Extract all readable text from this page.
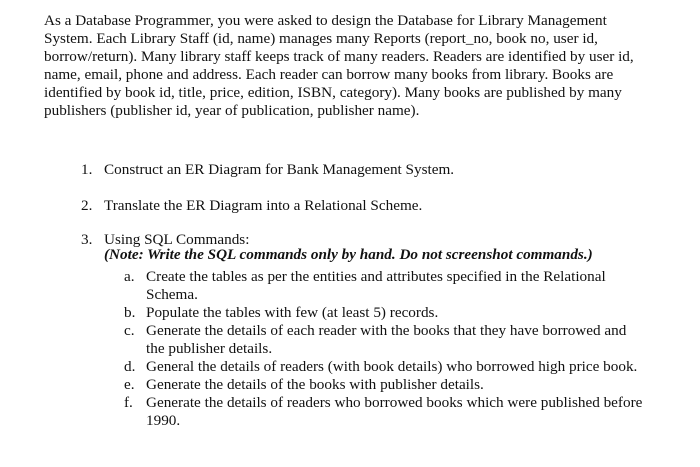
As a Database Programmer, you were asked to design the Database for Library Management
System. Each Library Staff (id, name) manages many Reports (report_no, book no, user id,
borrow/return). Many library staff keeps track of many readers. Readers are identified by user id,
name, email, phone and address. Each reader can borrow many books from library. Books are
identified by book id, title, price, edition, ISBN, category). Many books are published by many
publishers (publisher id, year of publication, publisher name).

1. Construct an ER Diagram for Bank Management System.
2. Translate the ER Diagram into a Relational Scheme.
3. Using SQL Commands:
(Note: Write the SQL commands only by hand. Do not screenshot commands.)
a. Create the tables as per the entities and attributes specified in the Relational
Schema.
b. Populate the tables with few (at least 5) records.
c. Generate the details of each reader with the books that they have borrowed and
the publisher details.
d. General the details of readers (with book details) who borrowed high price book.
e. Generate the details of the books with publisher details.
f. Generate the details of readers who borrowed books which were published before
1990.
